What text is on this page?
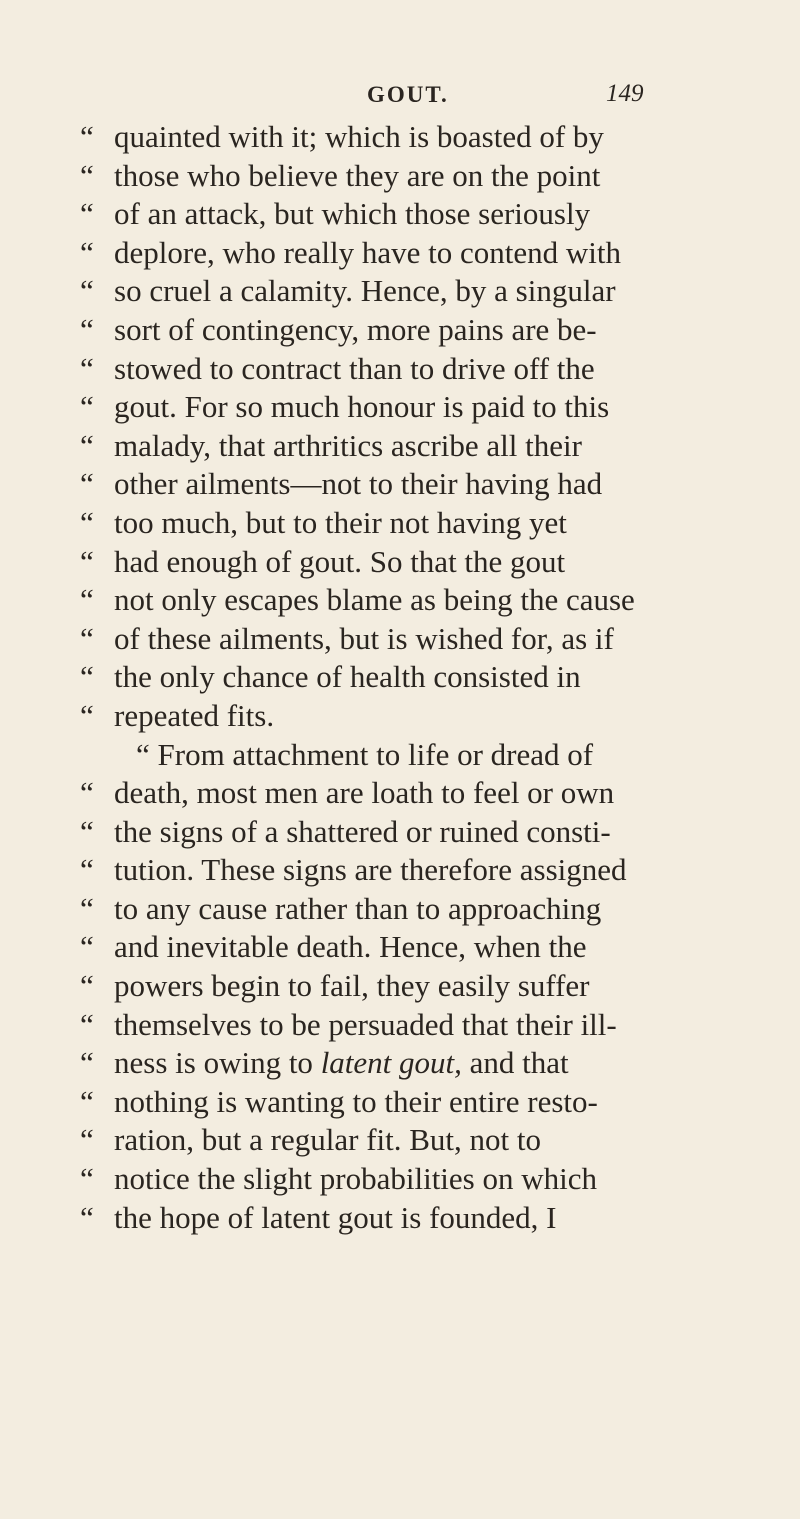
GOUT.	149
“ quainted with it; which is boasted of by
“ those who believe they are on the point
“ of an attack, but which those seriously
“ deplore, who really have to contend with
“ so cruel a calamity. Hence, by a singular
“ sort of contingency, more pains are be-
“ stowed to contract than to drive off the
“ gout. For so much honour is paid to this
“ malady, that arthritics ascribe all their
“ other ailments—not to their having had
“ too much, but to their not having yet
“ had enough of gout. So that the gout
“ not only escapes blame as being the cause
“ of these ailments, but is wished for, as if
“ the only chance of health consisted in
“ repeated fits.
“ From attachment to life or dread of
“ death, most men are loath to feel or own
“ the signs of a shattered or ruined consti-
“ tution. These signs are therefore assigned
“ to any cause rather than to approaching
“ and inevitable death. Hence, when the
“ powers begin to fail, they easily suffer
“ themselves to be persuaded that their ill-
“ ness is owing to latent gout, and that
“ nothing is wanting to their entire resto-
“ ration, but a regular fit. But, not to
“ notice the slight probabilities on which
“ the hope of latent gout is founded, I
